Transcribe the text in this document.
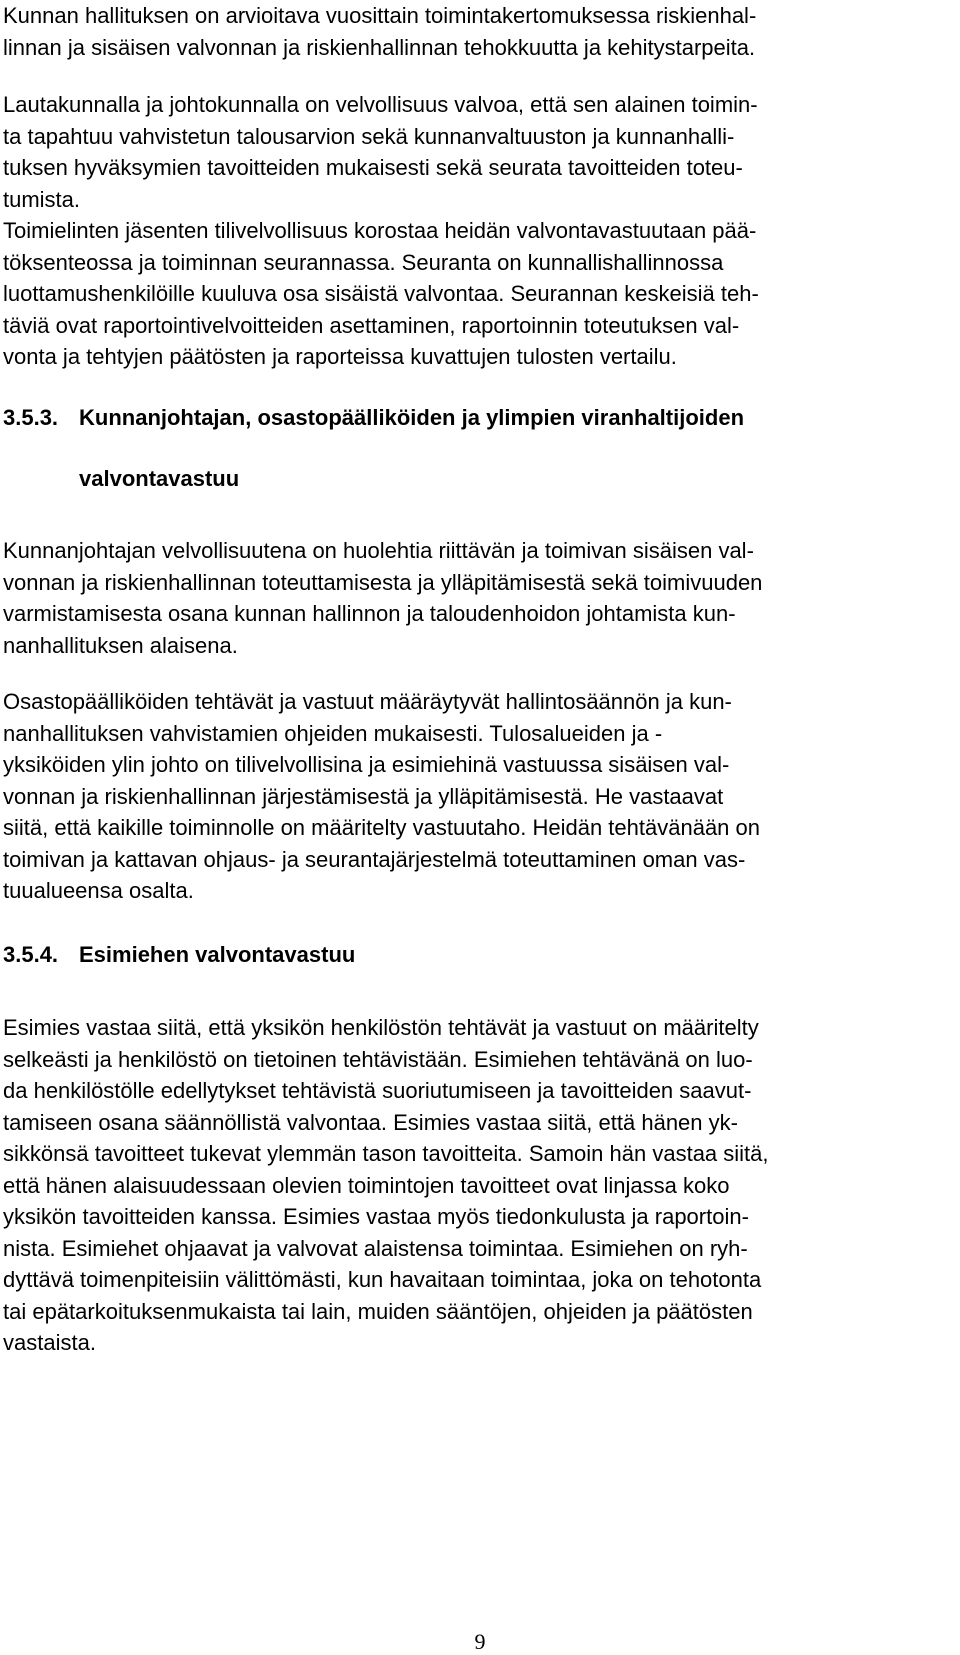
Kunnan hallituksen on arvioitava vuosittain toimintakertomuksessa riskienhal-
linnan ja sisäisen valvonnan ja riskienhallinnan tehokkuutta ja kehitystarpeita.
Lautakunnalla ja johtokunnalla on velvollisuus valvoa, että sen alainen toimin-
ta tapahtuu vahvistetun talousarvion sekä kunnanvaltuuston ja kunnanhalli-
tuksen hyväksymien tavoitteiden mukaisesti sekä seurata tavoitteiden toteu-
tumista.
Toimielinten jäsenten tilivelvollisuus korostaa heidän valvontavastuutaan pää-
töksenteossa ja toiminnan seurannassa. Seuranta on kunnallishallinnossa
luottamushenkilöille kuuluva osa sisäistä valvontaa. Seurannan keskeisiä teh-
täviä ovat raportointivelvoitteiden asettaminen, raportoinnin toteutuksen val-
vonta ja tehtyjen päätösten ja raporteissa kuvattujen tulosten vertailu.
3.5.3. Kunnanjohtajan, osastopäälliköiden ja ylimpien viranhaltijoiden
valvontavastuu
Kunnanjohtajan velvollisuutena on huolehtia riittävän ja toimivan sisäisen val-
vonnan ja riskienhallinnan toteuttamisesta ja ylläpitämisestä sekä toimivuuden
varmistamisesta osana kunnan hallinnon ja taloudenhoidon johtamista kun-
nanhallituksen alaisena.
Osastopäälliköiden tehtävät ja vastuut määräytyvät hallintosäännön ja kun-
nanhallituksen vahvistamien ohjeiden mukaisesti. Tulosalueiden ja -
yksiköiden ylin johto on tilivelvollisina ja esimiehinä vastuussa sisäisen val-
vonnan ja riskienhallinnan järjestämisestä ja ylläpitämisestä. He vastaavat
siitä, että kaikille toiminnolle on määritelty vastuutaho. Heidän tehtävänään on
toimivan ja kattavan ohjaus- ja seurantajärjestelmä toteuttaminen oman vas-
tuualueensa osalta.
3.5.4. Esimiehen valvontavastuu
Esimies vastaa siitä, että yksikön henkilöstön tehtävät ja vastuut on määritelty
selkeästi ja henkilöstö on tietoinen tehtävistään. Esimiehen tehtävänä on luo-
da henkilöstölle edellytykset tehtävistä suoriutumiseen ja tavoitteiden saavut-
tamiseen osana säännöllistä valvontaa. Esimies vastaa siitä, että hänen yk-
sikkönsä tavoitteet tukevat ylemmän tason tavoitteita. Samoin hän vastaa siitä,
että hänen alaisuudessaan olevien toimintojen tavoitteet ovat linjassa koko
yksikön tavoitteiden kanssa. Esimies vastaa myös tiedonkulusta ja raportoin-
nista. Esimiehet ohjaavat ja valvovat alaistensa toimintaa. Esimiehen on ryh-
dyttävä toimenpiteisiin välittömästi, kun havaitaan toimintaa, joka on tehotonta
tai epätarkoituksenmukaista tai lain, muiden sääntöjen, ohjeiden ja päätösten
vastaista.
9
